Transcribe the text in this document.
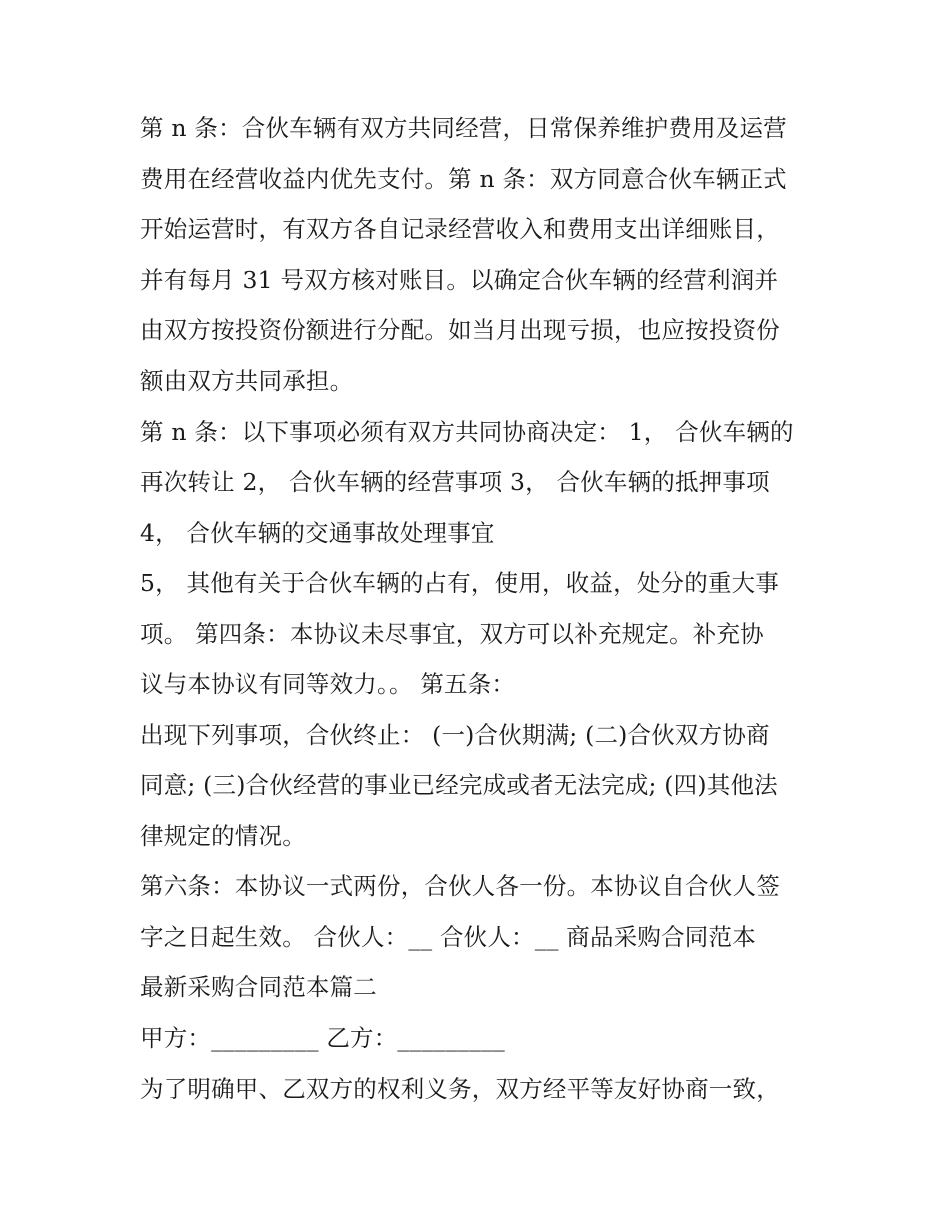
第 n 条：合伙车辆有双方共同经营，日常保养维护费用及运营
费用在经营收益内优先支付。第 n 条：双方同意合伙车辆正式
开始运营时，有双方各自记录经营收入和费用支出详细账目，
并有每月 31 号双方核对账目。以确定合伙车辆的经营利润并
由双方按投资份额进行分配。如当月出现亏损，也应按投资份
额由双方共同承担。
第 n 条：以下事项必须有双方共同协商决定： 1， 合伙车辆的
再次转让 2， 合伙车辆的经营事项 3， 合伙车辆的抵押事项
4， 合伙车辆的交通事故处理事宜
5， 其他有关于合伙车辆的占有，使用，收益，处分的重大事
项。 第四条：本协议未尽事宜，双方可以补充规定。补充协
议与本协议有同等效力。。 第五条：
出现下列事项，合伙终止： (一)合伙期满; (二)合伙双方协商
同意; (三)合伙经营的事业已经完成或者无法完成; (四)其他法
律规定的情况。
第六条：本协议一式两份，合伙人各一份。本协议自合伙人签
字之日起生效。 合伙人：__ 合伙人：__ 商品采购合同范本
最新采购合同范本篇二
甲方：_________ 乙方：_________
为了明确甲、乙双方的权利义务，双方经平等友好协商一致，
